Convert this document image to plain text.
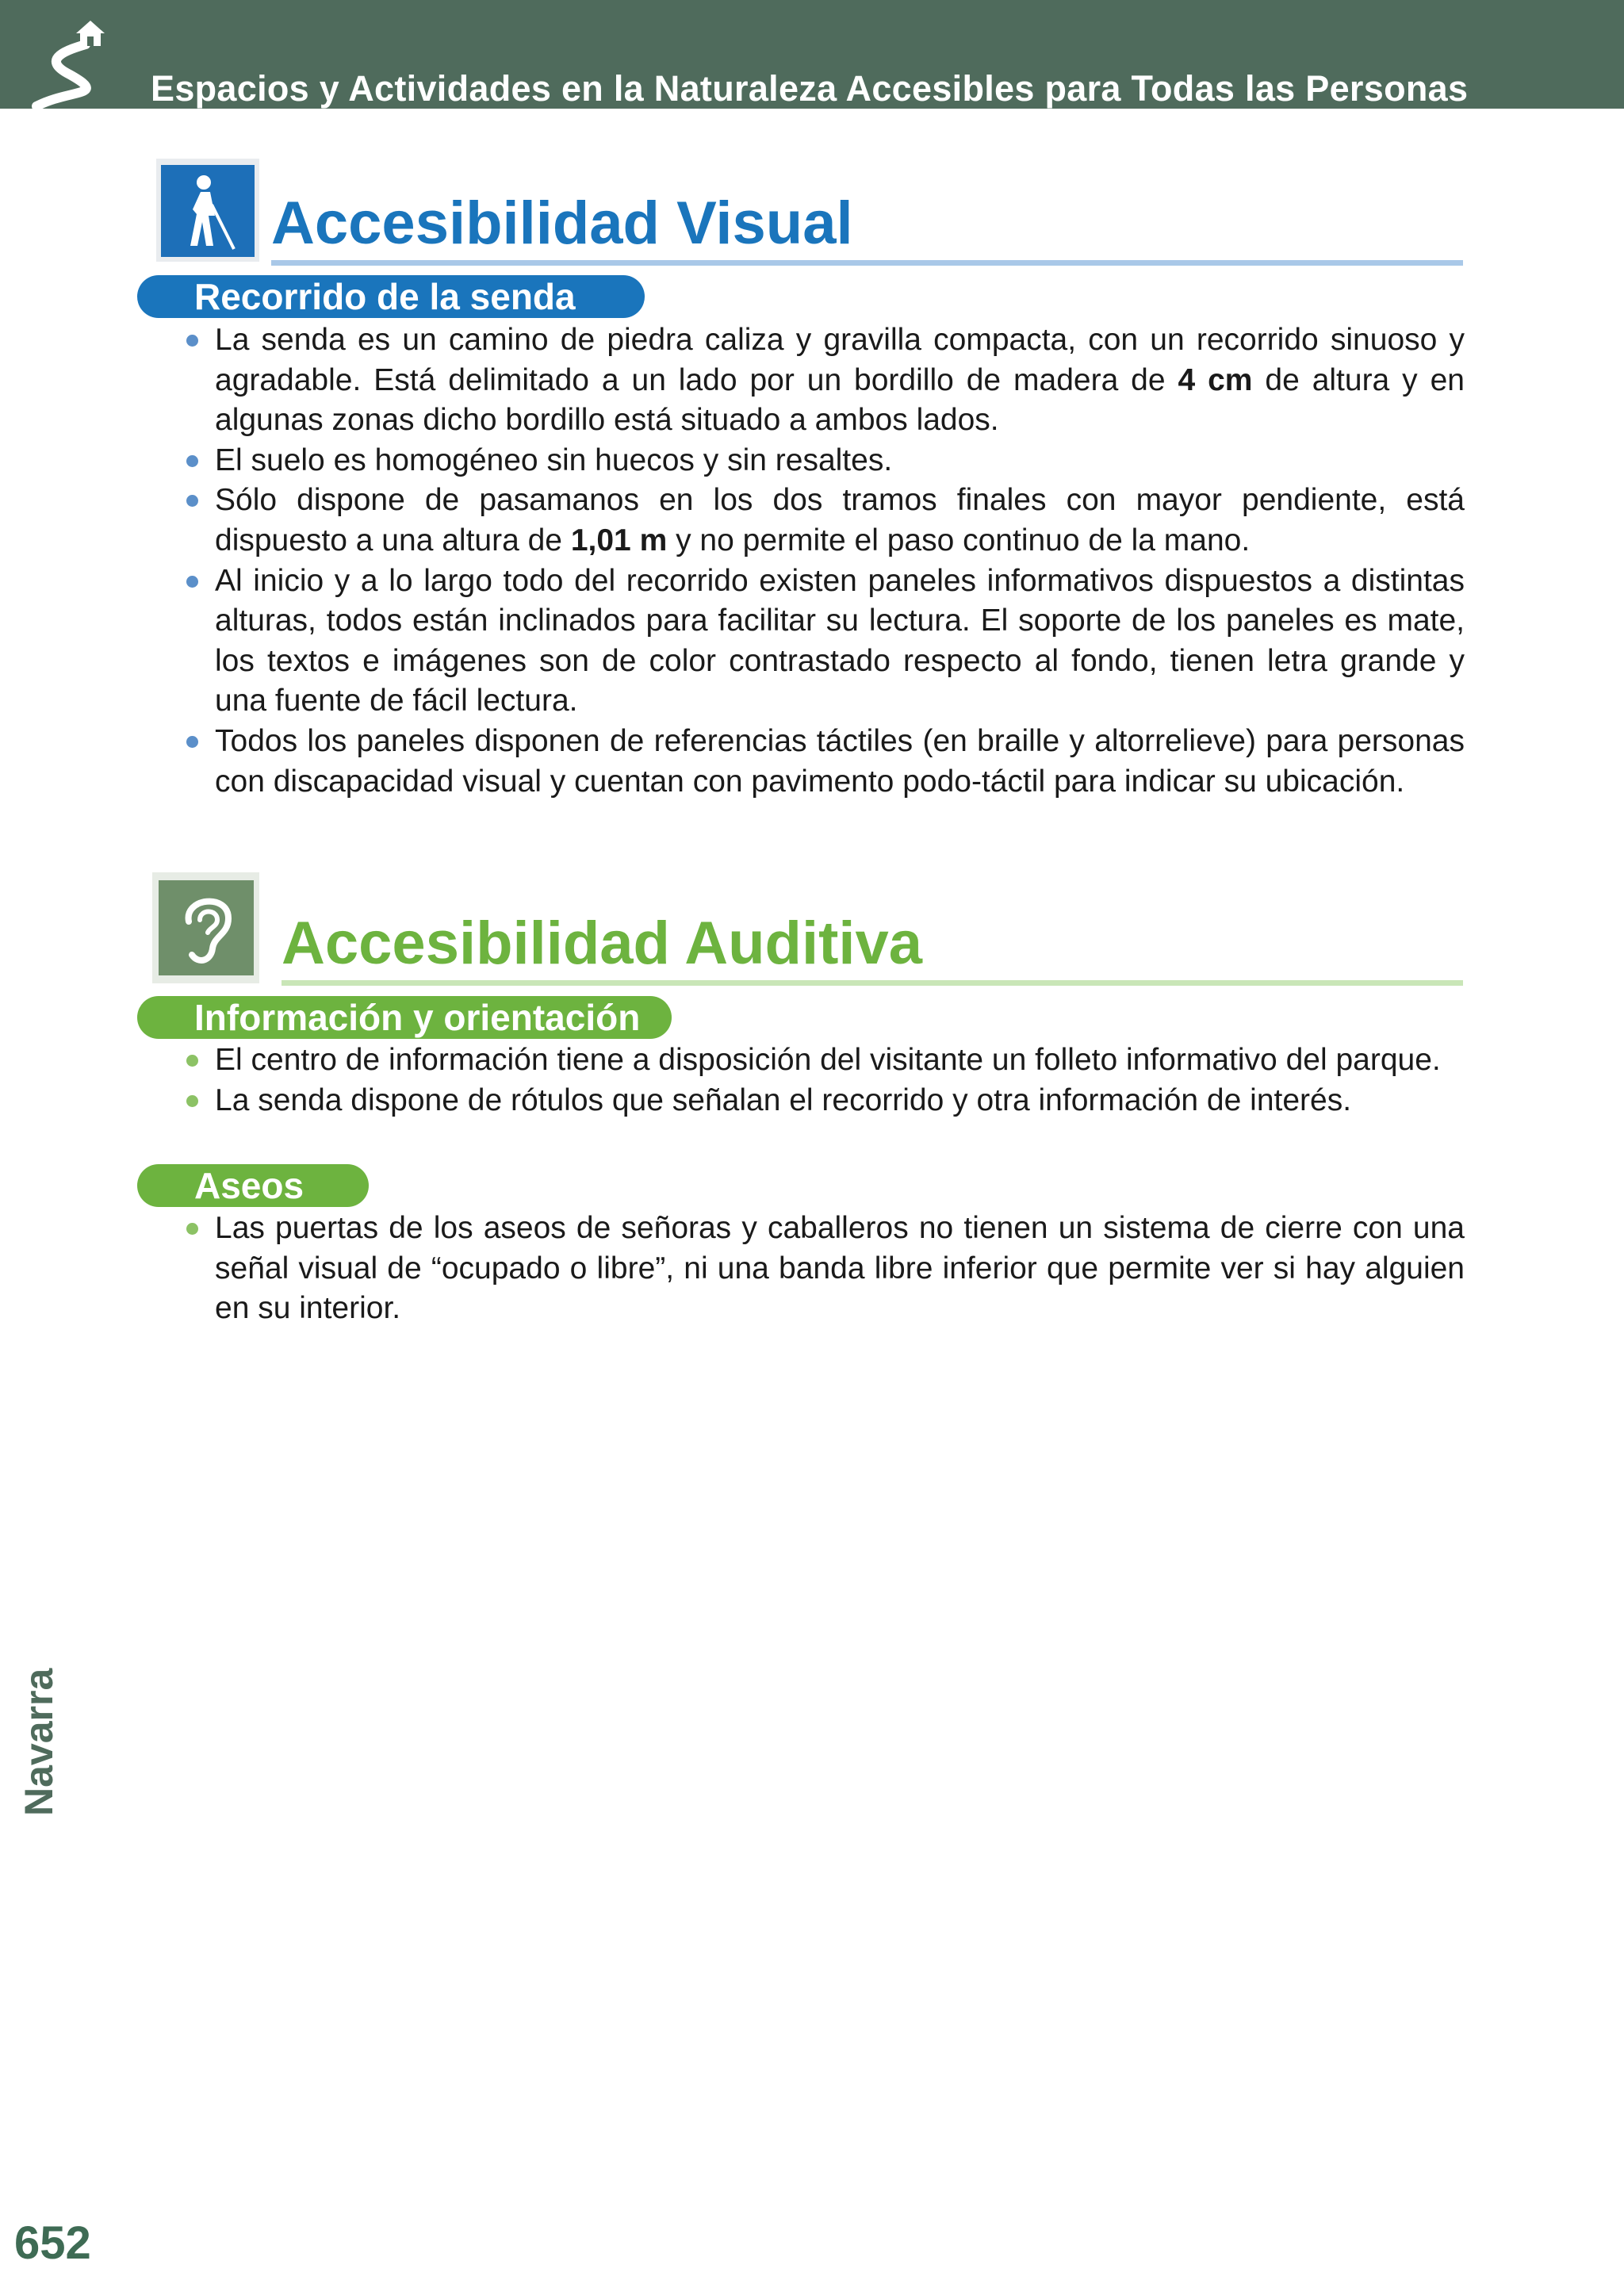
Espacios y Actividades en la Naturaleza Accesibles para Todas las Personas
Accesibilidad Visual
Recorrido de la senda
La senda es un camino de piedra caliza y gravilla compacta, con un recorrido sinuoso y agradable. Está delimitado a un lado por un bordillo de madera de 4 cm de altura y en algunas zonas dicho bordillo está situado a ambos lados.
El suelo es homogéneo sin huecos y sin resaltes.
Sólo dispone de pasamanos en los dos tramos finales con mayor pendiente, está dispuesto a una altura de 1,01 m y no permite el paso continuo de la mano.
Al inicio y a lo largo todo del recorrido existen paneles informativos dispuestos a distintas alturas, todos están inclinados para facilitar su lectura. El soporte de los paneles es mate, los textos e imágenes son de color contrastado respecto al fondo, tienen letra grande y una fuente de fácil lectura.
Todos los paneles disponen de referencias táctiles (en braille y altorrelieve) para personas con discapacidad visual y cuentan con pavimento podo-táctil para indicar su ubicación.
Accesibilidad Auditiva
Información y orientación
El centro de información tiene a disposición del visitante un folleto informativo del parque.
La senda dispone de rótulos que señalan el recorrido y otra información de interés.
Aseos
Las puertas de los aseos de señoras y caballeros no tienen un sistema de cierre con una señal visual de “ocupado o libre”, ni una banda libre inferior que permite ver si hay alguien en su interior.
Navarra
652
